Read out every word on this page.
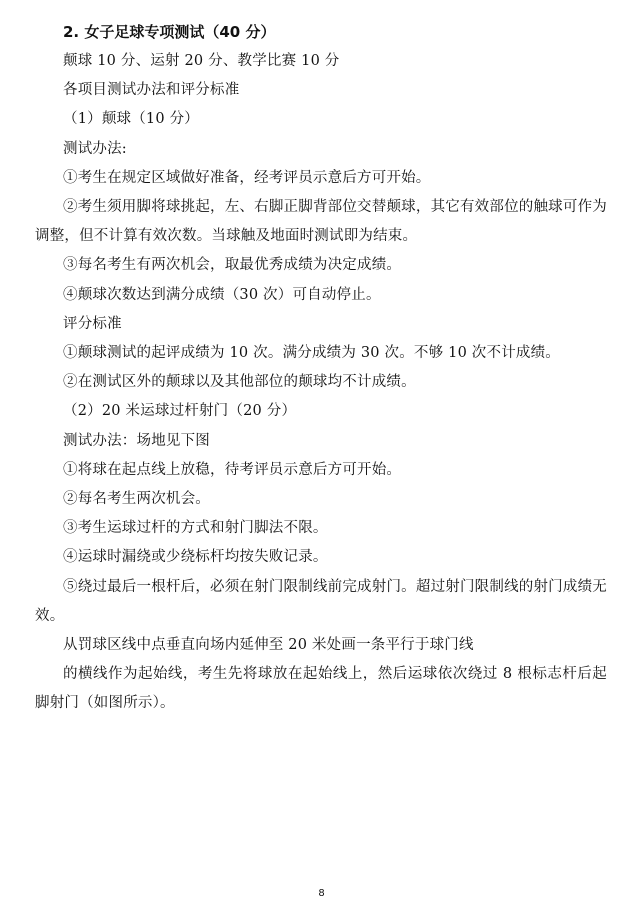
2. 女子足球专项测试（40 分）

颠球 10 分、运射 20 分、教学比赛 10 分

各项目测试办法和评分标准

（1）颠球（10 分）

测试办法:

①考生在规定区域做好准备，经考评员示意后方可开始。

②考生须用脚将球挑起，左、右脚正脚背部位交替颠球，其它有效部位的触球可作为调整，但不计算有效次数。当球触及地面时测试即为结束。

③每名考生有两次机会，取最优秀成绩为决定成绩。

④颠球次数达到满分成绩（30 次）可自动停止。

评分标准

①颠球测试的起评成绩为 10 次。满分成绩为 30 次。不够 10 次不计成绩。

②在测试区外的颠球以及其他部位的颠球均不计成绩。

（2）20 米运球过杆射门（20 分）

测试办法：场地见下图

①将球在起点线上放稳，待考评员示意后方可开始。

②每名考生两次机会。

③考生运球过杆的方式和射门脚法不限。

④运球时漏绕或少绕标杆均按失败记录。

⑤绕过最后一根杆后，必须在射门限制线前完成射门。超过射门限制线的射门成绩无效。

从罚球区线中点垂直向场内延伸至 20 米处画一条平行于球门线

的横线作为起始线，考生先将球放在起始线上，然后运球依次绕过 8 根标志杆后起脚射门（如图所示）。

8
